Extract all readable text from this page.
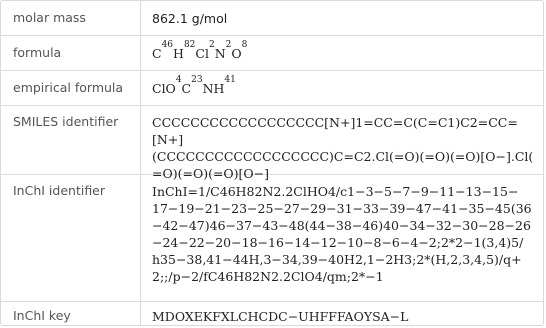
molar mass	862.1 g/mol
formula	C
46
H
82
Cl
2
N
2
O
8
empirical formula	ClO
4
C
23
NH
41
SMILES identifier	CCCCCCCCCCCCCCCCCC[N+]1=CC=C(C=C1)C2=CC=[N+]
(CCCCCCCCCCCCCCCCCC)C=C2.Cl(=O)(=O)(=O)[O−].Cl(
=O)(=O)(=O)[O−]
InChI identifier	InChI=1/C46H82N2.2ClHO4/c1−3−5−7−9−11−13−15−
17−19−21−23−25−27−29−31−33−39−47−41−35−45(36
−42−47)46−37−43−48(44−38−46)40−34−32−30−28−26
−24−22−20−18−16−14−12−10−8−6−4−2;2*2−1(3,4)5/
h35−38,41−44H,3−34,39−40H2,1−2H3;2*(H,2,3,4,5)/q+
2;;/p−2/fC46H82N2.2ClO4/qm;2*−1
InChI key	MDOXEKFXLCHCDC−UHFFFAOYSA−L
